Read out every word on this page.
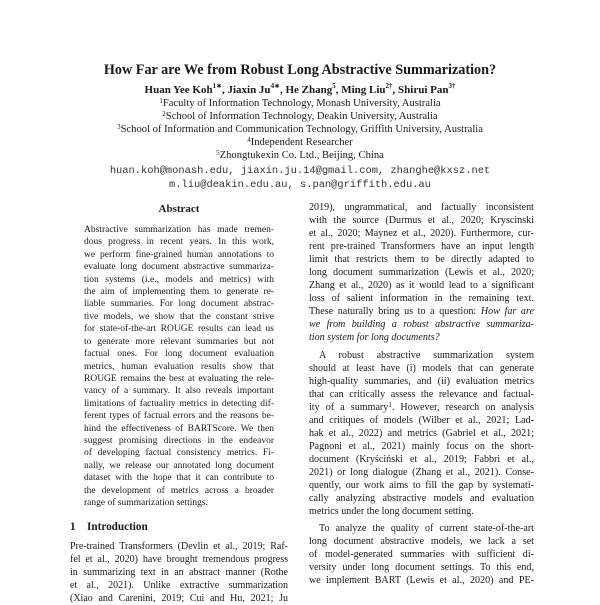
How Far are We from Robust Long Abstractive Summarization?
Huan Yee Koh$^{1∗}$, Jiaxin $Ju^{4∗}$, He Zhang$^5$, Ming Liu$^{2\dagger}$, Shirui Pan$^{3\dagger}$
$^1$Faculty of Information Technology, Monash University, Australia
$^2$School of Information Technology, Deakin University, Australia
$^3$School of Information and Communication Technology, Griffith University, Australia
$^4$Independent Researcher
$^5$Zhongtukexin Co. Ltd., Beijing, China
huan.koh@monash.edu, jiaxin.ju.14@gmail.com, zhanghe@kxsz.net
m.liu@deakin.edu.au, s.pan@griffith.edu.au
Abstract
Abstractive summarization has made tremen-
dous progress in recent years. In this work,
we perform fine-grained human annotations to
evaluate long document abstractive summariza-
tion systems (i.e., models and metrics) with
the aim of implementing them to generate re-
liable summaries. For long document abstrac-
tive models, we show that the constant strive
for state-of-the-art ROUGE results can lead us
to generate more relevant summaries but not
factual ones. For long document evaluation
metrics, human evaluation results show that
ROUGE remains the best at evaluating the rele-
vancy of a summary. It also reveals important
limitations of factuality metrics in detecting dif-
ferent types of factual errors and the reasons be-
hind the effectiveness of BARTScore. We then
suggest promising directions in the endeavor
of developing factual consistency metrics. Fi-
nally, we release our annotated long document
dataset with the hope that it can contribute to
the development of metrics across a broader
range of summarization settings.
1 Introduction
Pre-trained Transformers (Devlin et al., 2019; Raf-
fel et al., 2020) have brought tremendous progress
in summarizing text in an abstract manner (Rothe
et al., 2021). Unlike extractive summarization
(Xiao and Carenini, 2019; Cui and Hu, 2021; Ju
2019), ungrammatical, and factually inconsistent
with the source (Durmus et al., 2020; Kryscinski
et al., 2020; Maynez et al., 2020). Furthermore, cur-
rent pre-trained Transformers have an input length
limit that restricts them to be directly adapted to
long document summarization (Lewis et al., 2020;
Zhang et al., 2020) as it would lead to a significant
loss of salient information in the remaining text.
These naturally bring us to a question: How far are
we from building a robust abstractive summariza-
tion system for long documents?
A robust abstractive summarization system
should at least have (i) models that can generate
high-quality summaries, and (ii) evaluation metrics
that can critically assess the relevance and factual-
ity of a summary$^1$. However, research on analysis
and critiques of models (Wilber et al., 2021; Lad-
hak et al., 2022) and metrics (Gabriel et al., 2021;
Pagnoni et al., 2021) mainly focus on the short-
document (Kryściński et al., 2019; Fabbri et al.,
2021) or long dialogue (Zhang et al., 2021). Conse-
quently, our work aims to fill the gap by systemati-
cally analyzing abstractive models and evaluation
metrics under the long document setting.
To analyze the quality of current state-of-the-art
long document abstractive models, we lack a set
of model-generated summaries with sufficient di-
versity under long document settings. To this end,
we implement BART (Lewis et al., 2020) and PE-
